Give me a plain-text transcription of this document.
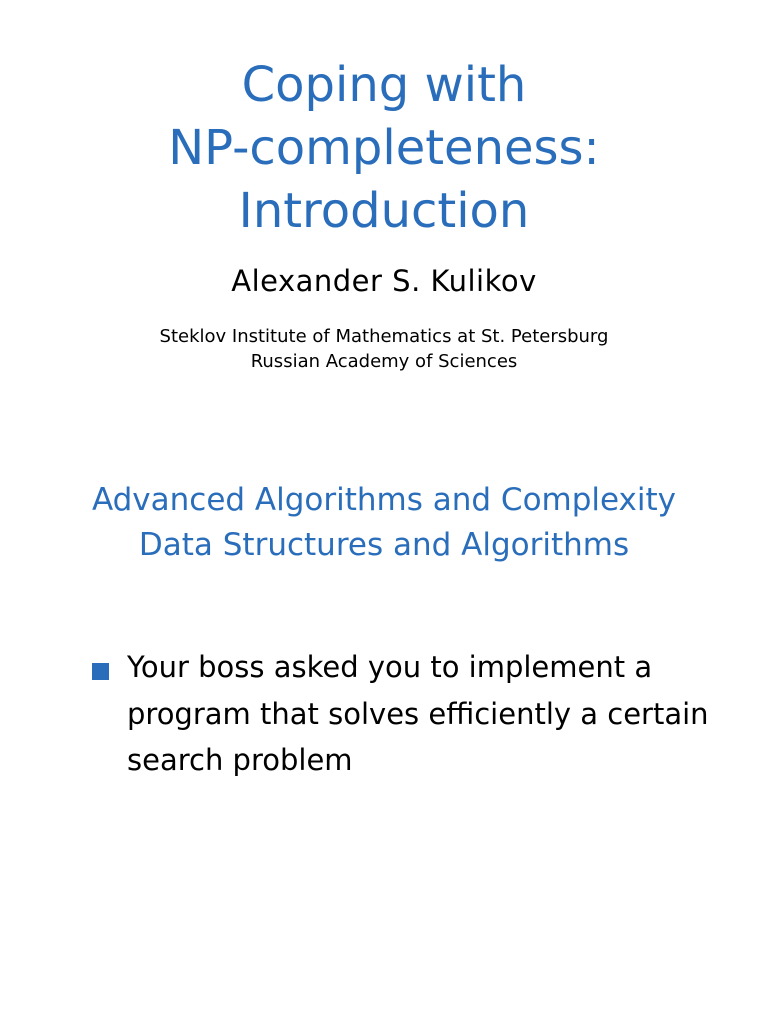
Coping with
NP-completeness:
Introduction
Alexander S. Kulikov
Steklov Institute of Mathematics at St. Petersburg
Russian Academy of Sciences
Advanced Algorithms and Complexity
Data Structures and Algorithms
Your boss asked you to implement a program that solves efficiently a certain search problem
